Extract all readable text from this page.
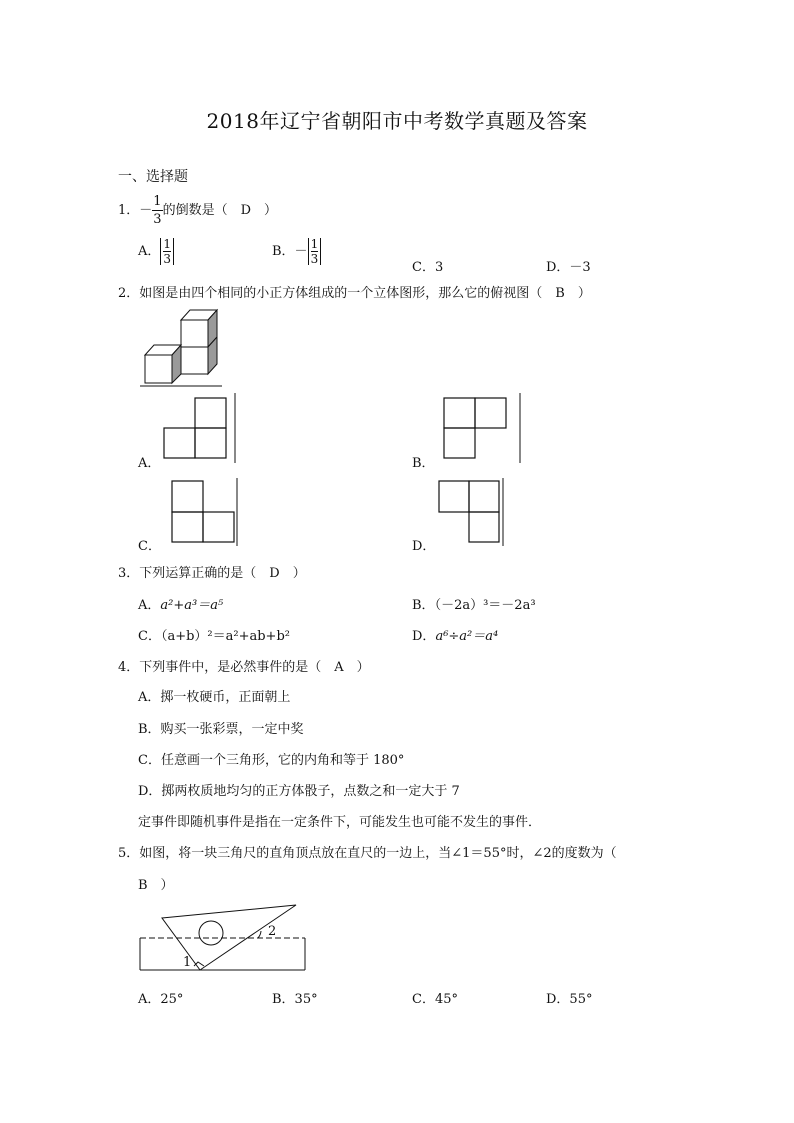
2018年辽宁省朝阳市中考数学真题及答案
一、选择题
1．－ $\frac{1}{3}$ 的倒数是（　D　）
A． $\frac{1}{3}$	B．－ $\frac{1}{3}$
C．3	D．－3
2．如图是由四个相同的小正方体组成的一个立体图形，那么它的俯视图（　B　）
A．	B．
C．	D．
3．下列运算正确的是（　D　）
A．a²+a³＝a⁵	B．（－2a）³＝－2a³
C．（a+b）²＝a²+ab+b²	D．a⁶÷a²＝a⁴
4．下列事件中，是必然事件的是（　A　）
A．掷一枚硬币，正面朝上
B．购买一张彩票，一定中奖
C．任意画一个三角形，它的内角和等于 180°
D．掷两枚质地均匀的正方体骰子，点数之和一定大于 7
定事件即随机事件是指在一定条件下，可能发生也可能不发生的事件．
5．如图，将一块三角尺的直角顶点放在直尺的一边上，当∠1＝55°时，∠2的度数为（
B　）
1
2
A．25°	B．35°	C．45°	D．55°
